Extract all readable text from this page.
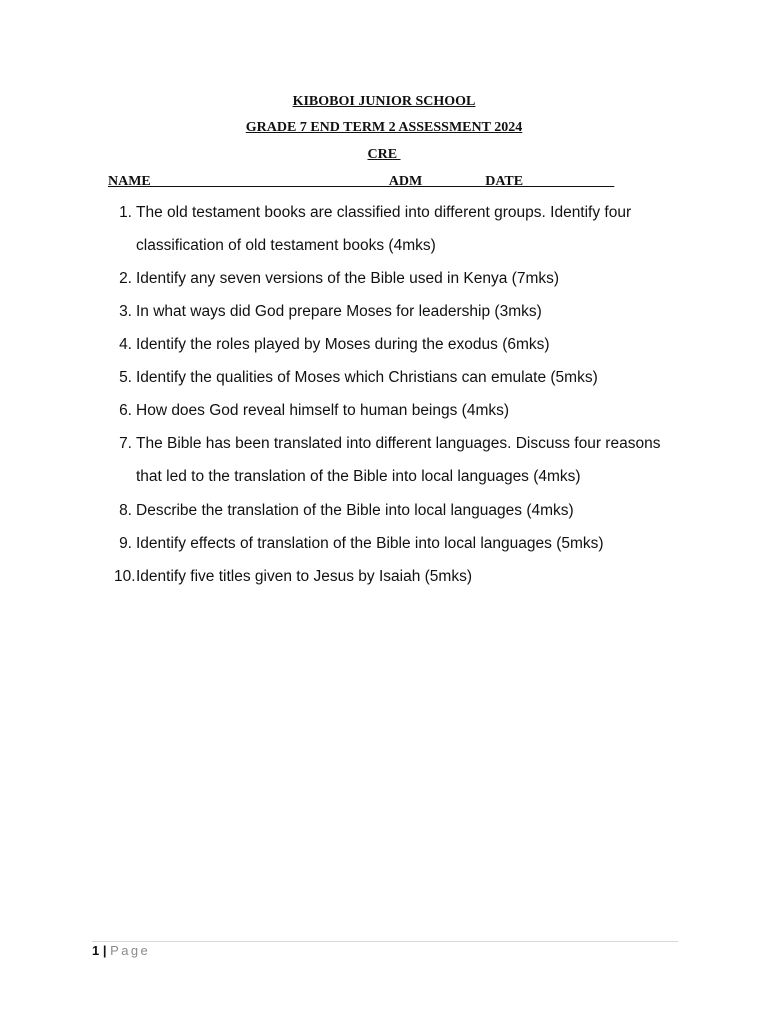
KIBOBOI JUNIOR SCHOOL
GRADE 7 END TERM 2 ASSESSMENT 2024
CRE
NAME__________________________________ADM_________DATE_____________
1. The old testament books are classified into different groups. Identify four
classification of old testament books (4mks)
2. Identify any seven versions of the Bible used in Kenya (7mks)
3. In what ways did God prepare Moses for leadership (3mks)
4. Identify the roles played by Moses during the exodus (6mks)
5. Identify the qualities of Moses which Christians can emulate (5mks)
6. How does God reveal himself to human beings (4mks)
7. The Bible has been translated into different languages. Discuss four reasons
that led to the translation of the Bible into local languages (4mks)
8. Describe the translation of the Bible into local languages (4mks)
9. Identify effects of translation of the Bible into local languages (5mks)
10. Identify five titles given to Jesus by Isaiah (5mks)
1 | Page
